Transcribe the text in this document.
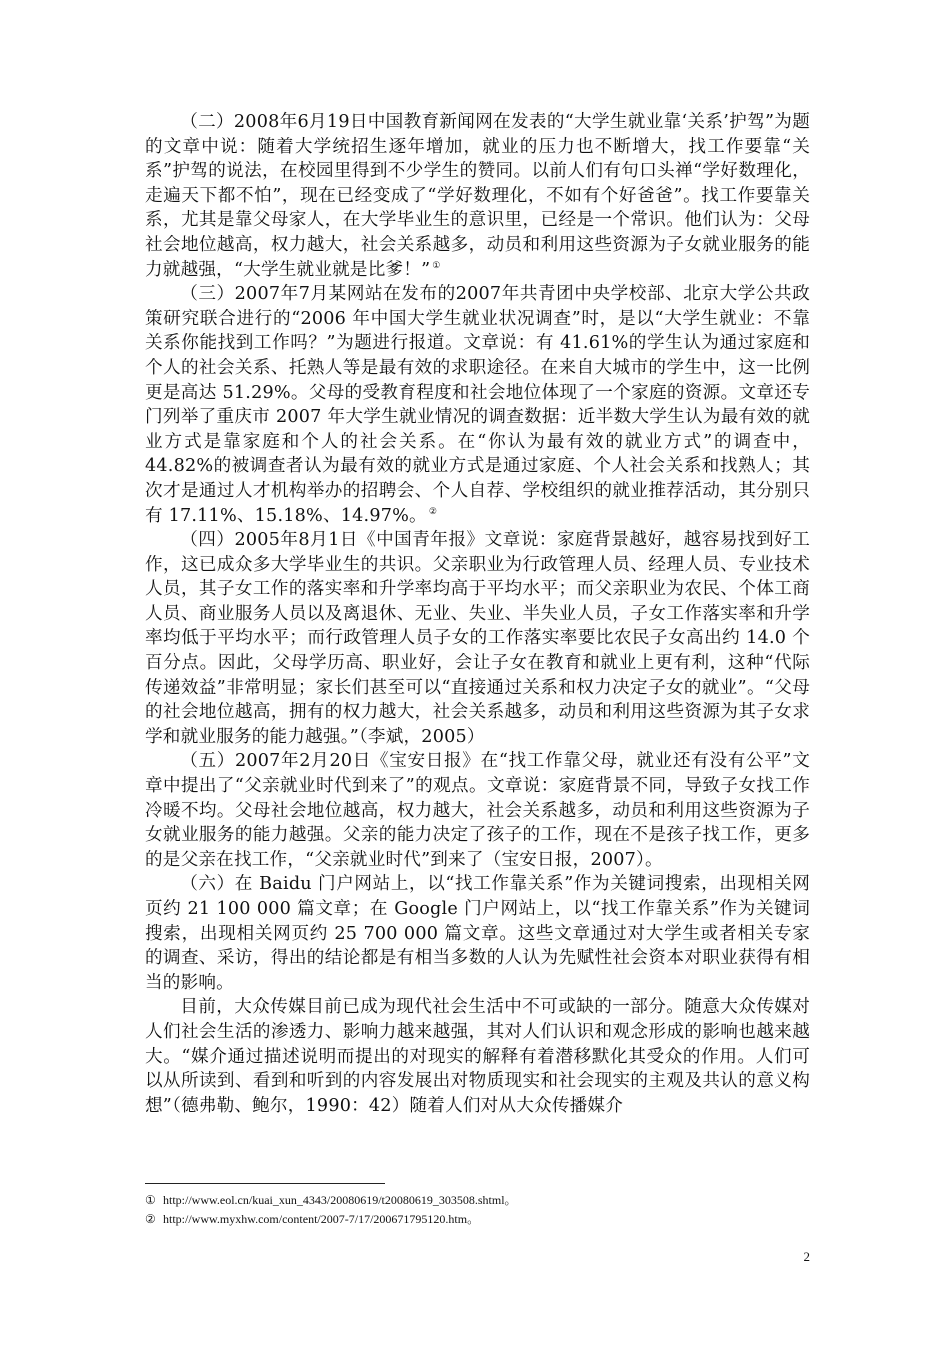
（二）2008年6月19日中国教育新闻网在发表的“大学生就业靠‘关系’护驾”为题的文章中说：随着大学统招生逐年增加，就业的压力也不断增大，找工作要靠“关系”护驾的说法，在校园里得到不少学生的赞同。以前人们有句口头禅“学好数理化，走遍天下都不怕”，现在已经变成了“学好数理化，不如有个好爸爸”。找工作要靠关系，尤其是靠父母家人，在大学毕业生的意识里，已经是一个常识。他们认为：父母社会地位越高，权力越大，社会关系越多，动员和利用这些资源为子女就业服务的能力就越强，“大学生就业就是比爹！” ①

（三）2007年7月某网站在发布的2007年共青团中央学校部、北京大学公共政策研究联合进行的“2006 年中国大学生就业状况调查”时，是以“大学生就业：不靠关系你能找到工作吗？”为题进行报道。文章说：有 41.61%的学生认为通过家庭和个人的社会关系、托熟人等是最有效的求职途径。在来自大城市的学生中，这一比例更是高达 51.29%。父母的受教育程度和社会地位体现了一个家庭的资源。文章还专门列举了重庆市 2007 年大学生就业情况的调查数据：近半数大学生认为最有效的就业方式是靠家庭和个人的社会关系。在“你认为最有效的就业方式”的调查中，44.82%的被调查者认为最有效的就业方式是通过家庭、个人社会关系和找熟人；其次才是通过人才机构举办的招聘会、个人自荐、学校组织的就业推荐活动，其分别只有 17.11%、15.18%、14.97%。 ②

（四）2005年8月1日《中国青年报》文章说：家庭背景越好，越容易找到好工作，这已成众多大学毕业生的共识。父亲职业为行政管理人员、经理人员、专业技术人员，其子女工作的落实率和升学率均高于平均水平；而父亲职业为农民、个体工商人员、商业服务人员以及离退休、无业、失业、半失业人员，子女工作落实率和升学率均低于平均水平；而行政管理人员子女的工作落实率要比农民子女高出约 14.0 个百分点。因此，父母学历高、职业好，会让子女在教育和就业上更有利，这种“代际传递效益”非常明显；家长们甚至可以“直接通过关系和权力决定子女的就业”。“父母的社会地位越高，拥有的权力越大，社会关系越多，动员和利用这些资源为其子女求学和就业服务的能力越强。”（李斌，2005）

（五）2007年2月20日《宝安日报》在“找工作靠父母，就业还有没有公平”文章中提出了“父亲就业时代到来了”的观点。文章说：家庭背景不同，导致子女找工作冷暖不均。父母社会地位越高，权力越大，社会关系越多，动员和利用这些资源为子女就业服务的能力越强。父亲的能力决定了孩子的工作，现在不是孩子找工作，更多的是父亲在找工作，“父亲就业时代”到来了（宝安日报，2007）。

（六）在 Baidu 门户网站上，以“找工作靠关系”作为关键词搜索，出现相关网页约 21 100 000 篇文章；在 Google 门户网站上，以“找工作靠关系”作为关键词搜索，出现相关网页约 25 700 000 篇文章。这些文章通过对大学生或者相关专家的调查、采访，得出的结论都是有相当多数的人认为先赋性社会资本对职业获得有相当的影响。

目前，大众传媒目前已成为现代社会生活中不可或缺的一部分。随意大众传媒对人们社会生活的渗透力、影响力越来越强，其对人们认识和观念形成的影响也越来越大。“媒介通过描述说明而提出的对现实的解释有着潜移默化其受众的作用。人们可以从所读到、看到和听到的内容发展出对物质现实和社会现实的主观及共认的意义构想”（德弗勒、鲍尔，1990：42）随着人们对从大众传播媒介

① http://www.eol.cn/kuai_xun_4343/20080619/t20080619_303508.shtml。

② http://www.myxhw.com/content/2007-7/17/200671795120.htm。

2
